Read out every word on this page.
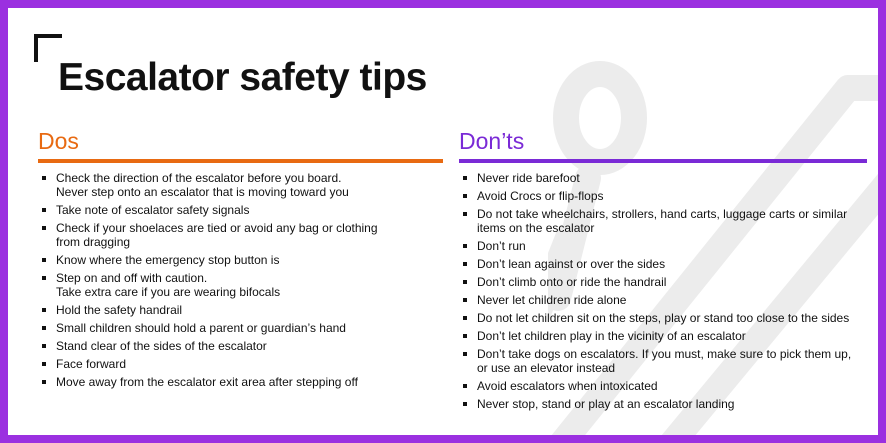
Escalator safety tips
Dos
Check the direction of the escalator before you board.
Never step onto an escalator that is moving toward you
Take note of escalator safety signals
Check if your shoelaces are tied or avoid any bag or clothing
from dragging
Know where the emergency stop button is
Step on and off with caution.
Take extra care if you are wearing bifocals
Hold the safety handrail
Small children should hold a parent or guardian’s hand
Stand clear of the sides of the escalator
Face forward
Move away from the escalator exit area after stepping off
Don’ts
Never ride barefoot
Avoid Crocs or flip-flops
Do not take wheelchairs, strollers, hand carts, luggage carts or similar
items on the escalator
Don’t run
Don’t lean against or over the sides
Don’t climb onto or ride the handrail
Never let children ride alone
Do not let children sit on the steps, play or stand too close to the sides
Don’t let children play in the vicinity of an escalator
Don’t take dogs on escalators. If you must, make sure to pick them up,
or use an elevator instead
Avoid escalators when intoxicated
Never stop, stand or play at an escalator landing
